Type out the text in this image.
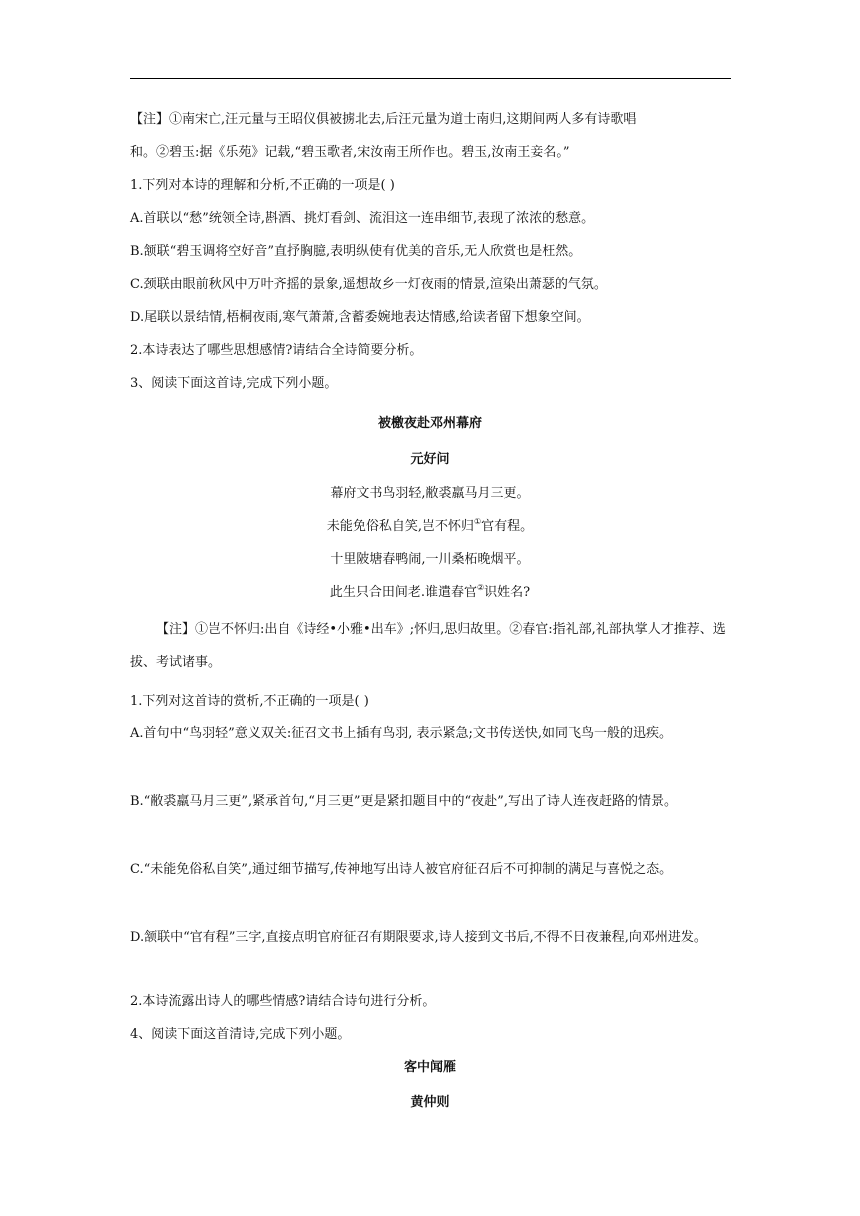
【注】①南宋亡,汪元量与王昭仪俱被掳北去,后汪元量为道士南归,这期间两人多有诗歌唱
和。②碧玉:据《乐苑》记载,“碧玉歌者,宋汝南王所作也。碧玉,汝南王妾名。”
1.下列对本诗的理解和分析,不正确的一项是( )
A.首联以“愁”统领全诗,斟酒、挑灯看剑、流泪这一连串细节,表现了浓浓的愁意。
B.颔联“碧玉调将空好音”直抒胸臆,表明纵使有优美的音乐,无人欣赏也是枉然。
C.颈联由眼前秋风中万叶齐摇的景象,遥想故乡一灯夜雨的情景,渲染出萧瑟的气氛。
D.尾联以景结情,梧桐夜雨,寒气萧萧,含蓄委婉地表达情感,给读者留下想象空间。
2.本诗表达了哪些思想感情?请结合全诗简要分析。
3、阅读下面这首诗,完成下列小题。
被檄夜赴邓州幕府
元好问
幕府文书鸟羽轻,敝裘羸马月三更。
未能免俗私自笑,岂不怀归①官有程。
十里陂塘春鸭闹,一川桑柘晚烟平。
此生只合田间老.谁遣春官②识姓名?
【注】①岂不怀归:出自《诗经•小雅•出车》;怀归,思归故里。②春官:指礼部,礼部执掌人才推荐、选拔、考试诸事。
1.下列对这首诗的赏析,不正确的一项是( )
A.首句中“鸟羽轻”意义双关:征召文书上插有鸟羽, 表示紧急;文书传送快,如同飞鸟一般的迅疾。
B.“敝裘羸马月三更”,紧承首句,“月三更”更是紧扣题目中的“夜赴”,写出了诗人连夜赶路的情景。
C.“未能免俗私自笑”,通过细节描写,传神地写出诗人被官府征召后不可抑制的满足与喜悦之态。
D.颔联中“官有程”三字,直接点明官府征召有期限要求,诗人接到文书后,不得不日夜兼程,向邓州进发。
2.本诗流露出诗人的哪些情感?请结合诗句进行分析。
4、阅读下面这首清诗,完成下列小题。
客中闻雁
黄仲则
